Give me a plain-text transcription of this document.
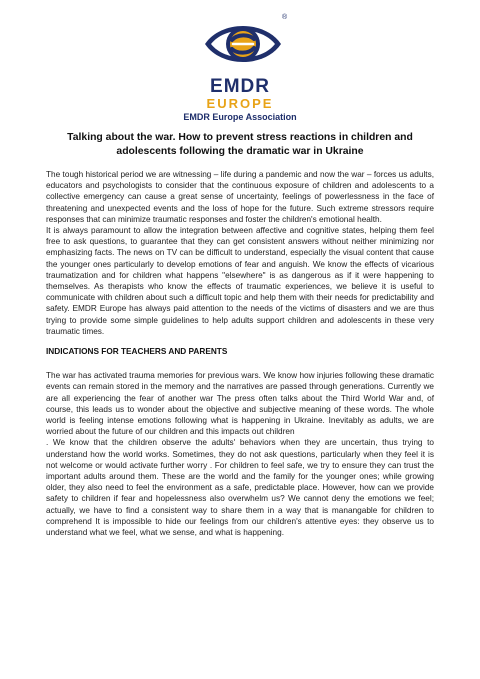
®
EMDR
EUROPE
EMDR Europe Association
Talking about the war. How to prevent stress reactions in children and adolescents following the dramatic war in Ukraine

The tough historical period we are witnessing – life during a pandemic and now the war – forces us adults, educators and psychologists to consider that the continuous exposure of children and adolescents to a collective emergency can cause a great sense of uncertainty, feelings of powerlessness in the face of threatening and unexpected events and the loss of hope for the future. Such extreme stressors require responses that can minimize traumatic responses and foster the children's emotional health.

It is always paramount to allow the integration between affective and cognitive states, helping them feel free to ask questions, to guarantee that they can get consistent answers without neither minimizing nor emphasizing facts. The news on TV can be difficult to understand, especially the visual content that cause the younger ones particularly to develop emotions of fear and anguish. We know the effects of vicarious traumatization and for children what happens "elsewhere" is as dangerous as if it were happening to themselves. As therapists who know the effects of traumatic experiences, we believe it is useful to communicate with children about such a difficult topic and help them with their needs for predictability and safety. EMDR Europe has always paid attention to the needs of the victims of disasters and we are thus trying to provide some simple guidelines to help adults support children and adolescents in these very traumatic times.

INDICATIONS FOR TEACHERS AND PARENTS

The war has activated trauma memories for previous wars. We know how injuries following these dramatic events can remain stored in the memory and the narratives are passed through generations. Currently we are all experiencing the fear of another war The press often talks about the Third World War and, of course, this leads us to wonder about the objective and subjective meaning of these words. The whole world is feeling intense emotions following what is happening in Ukraine. Inevitably as adults, we are worried about the future of our children and this impacts out children

. We know that the children observe the adults' behaviors when they are uncertain, thus trying to understand how the world works. Sometimes, they do not ask questions, particularly when they feel it is not welcome or would activate further worry . For children to feel safe, we try to ensure they can trust the important adults around them. These are the world and the family for the younger ones; while growing older, they also need to feel the environment as a safe, predictable place. However, how can we provide safety to children if fear and hopelessness also overwhelm us? We cannot deny the emotions we feel; actually, we have to find a consistent way to share them in a way that is manangable for children to comprehend It is impossible to hide our feelings from our children's attentive eyes: they observe us to understand what we feel, what we sense, and what is happening.
